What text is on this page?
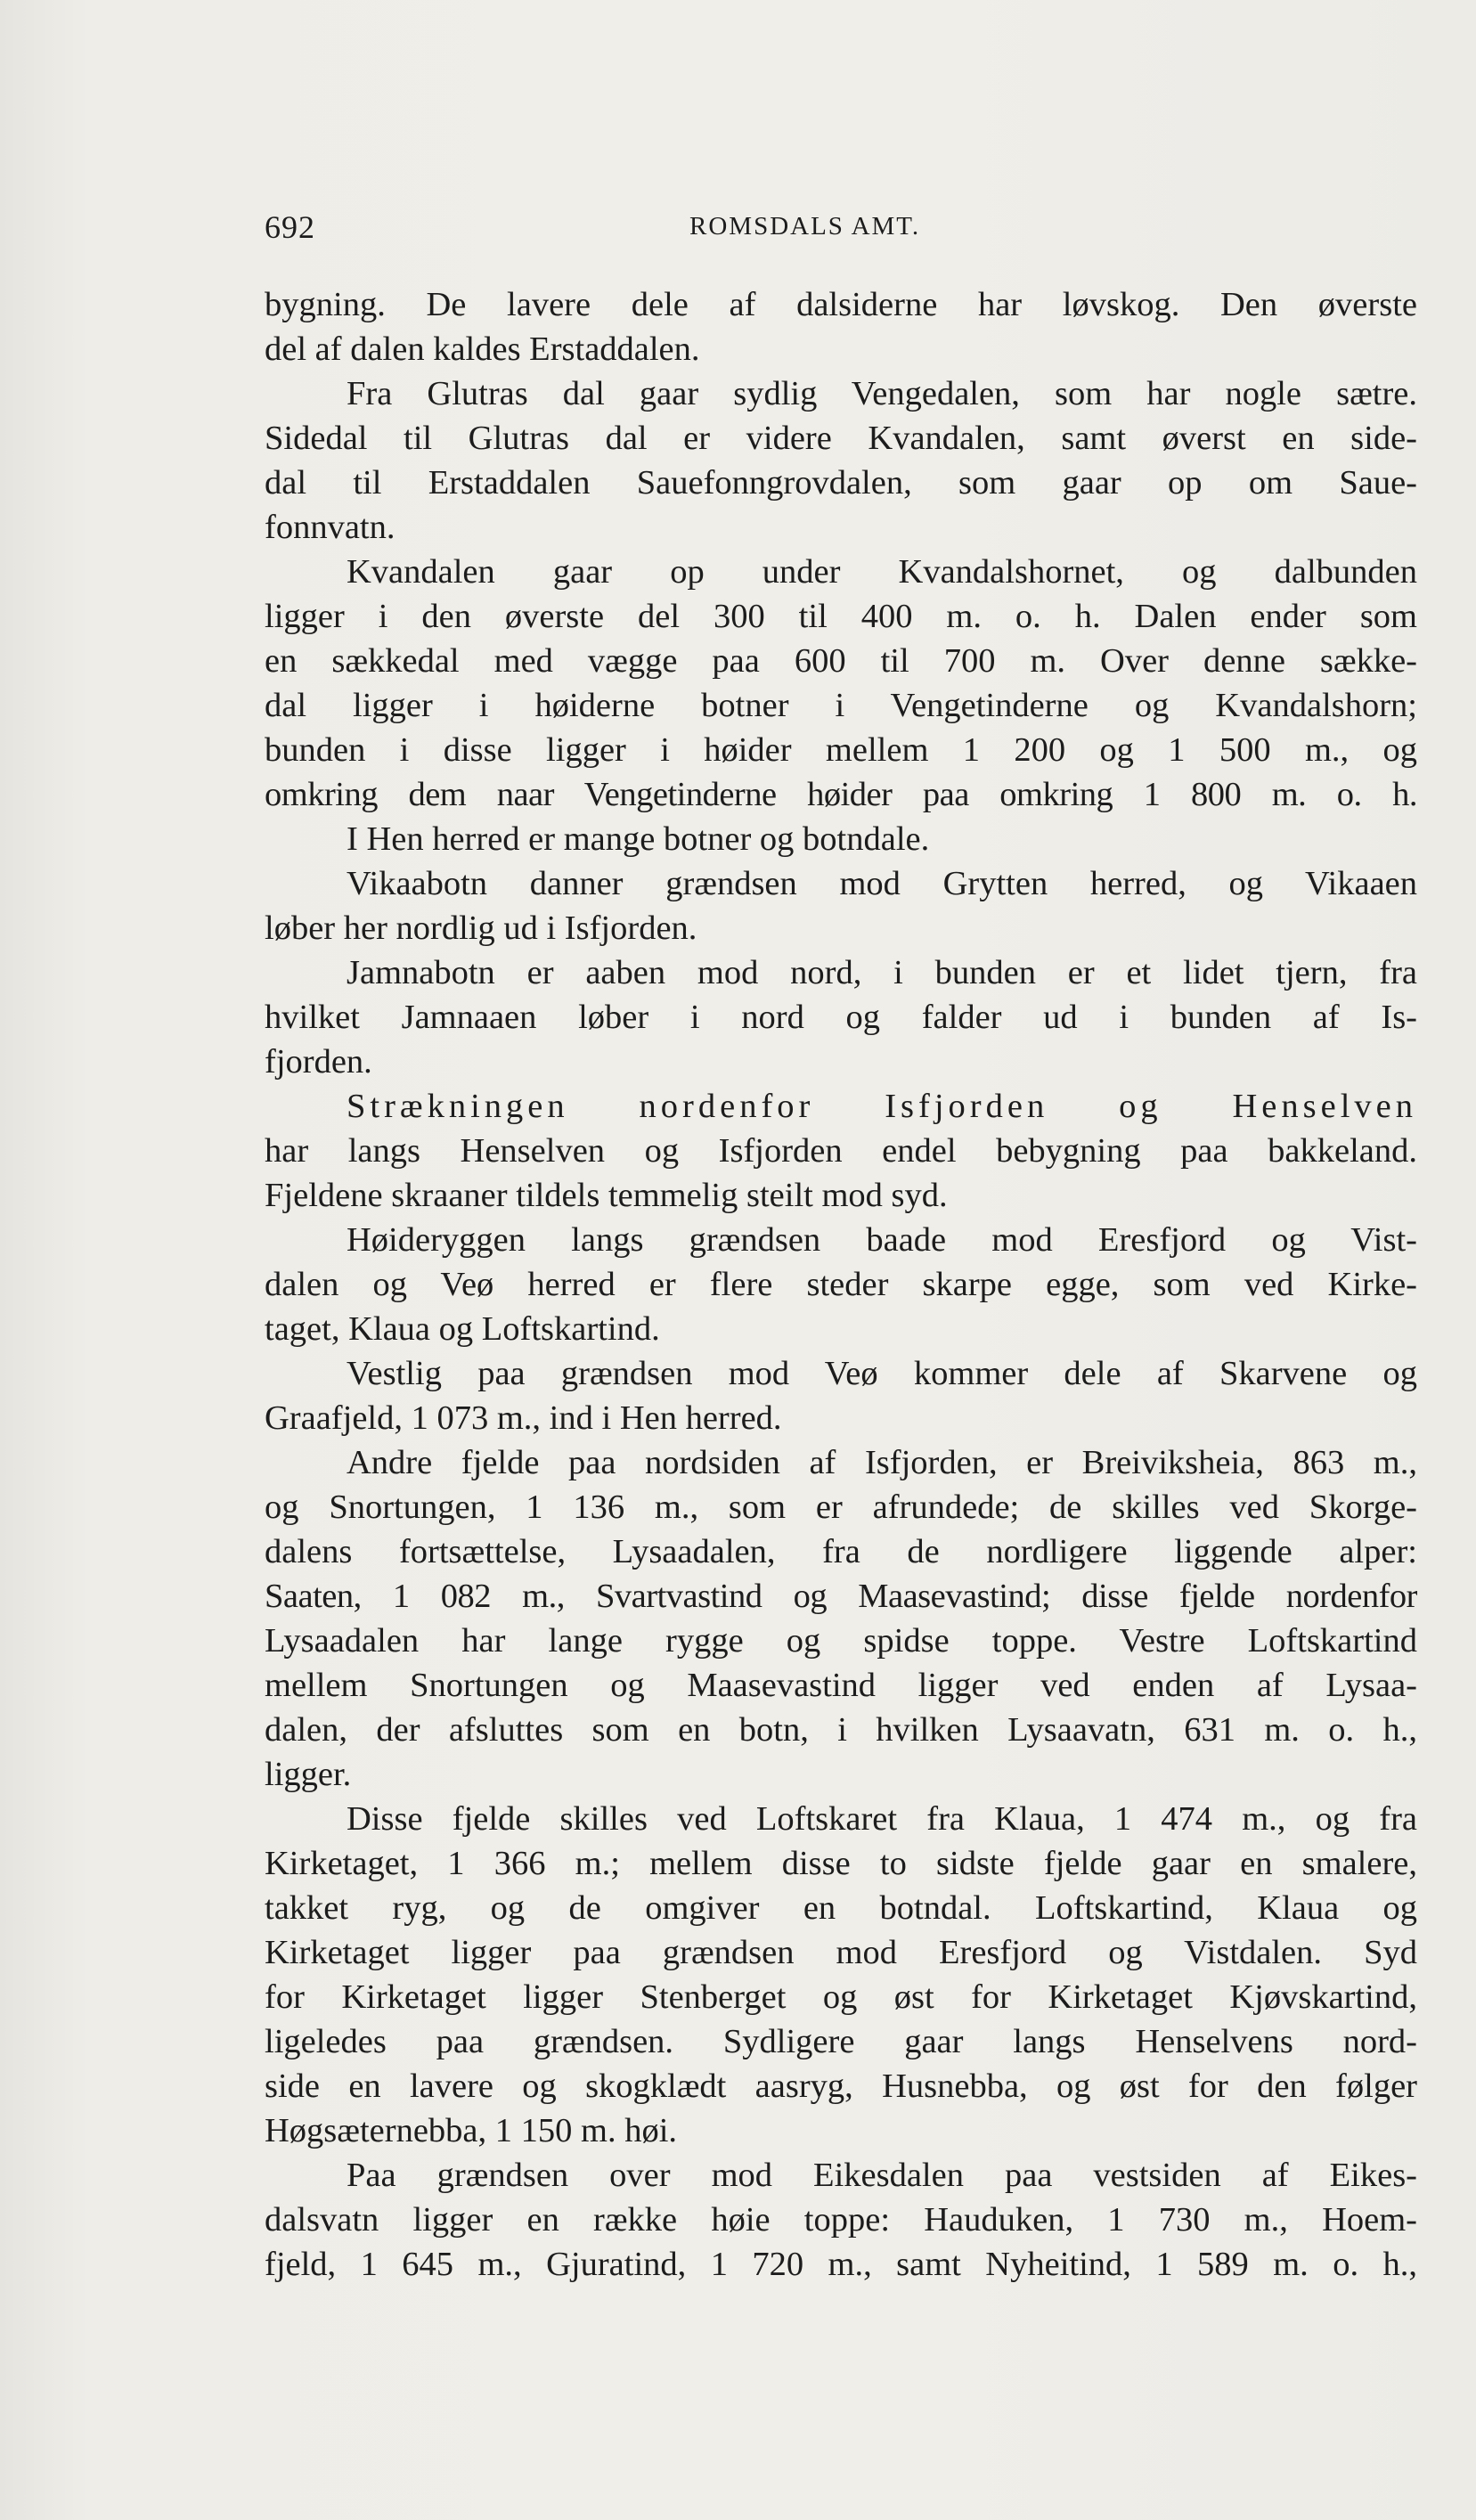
692	ROMSDALS AMT.
bygning. De lavere dele af dalsiderne har løvskog. Den øverste
del af dalen kaldes Erstaddalen.
Fra Glutras dal gaar sydlig Vengedalen, som har nogle sætre.
Sidedal til Glutras dal er videre Kvandalen, samt øverst en side-
dal til Erstaddalen Sauefonngrovdalen, som gaar op om Saue-
fonnvatn.
Kvandalen gaar op under Kvandalshornet, og dalbunden
ligger i den øverste del 300 til 400 m. o. h. Dalen ender som
en sækkedal med vægge paa 600 til 700 m. Over denne sække-
dal ligger i høiderne botner i Vengetinderne og Kvandalshorn;
bunden i disse ligger i høider mellem 1 200 og 1 500 m., og
omkring dem naar Vengetinderne høider paa omkring 1 800 m. o. h.
I Hen herred er mange botner og botndale.
Vikaabotn danner grændsen mod Grytten herred, og Vikaaen
løber her nordlig ud i Isfjorden.
Jamnabotn er aaben mod nord, i bunden er et lidet tjern, fra
hvilket Jamnaaen løber i nord og falder ud i bunden af Is-
fjorden.
Strækningen nordenfor Isfjorden og Henselven
har langs Henselven og Isfjorden endel bebygning paa bakkeland.
Fjeldene skraaner tildels temmelig steilt mod syd.
Høideryggen langs grændsen baade mod Eresfjord og Vist-
dalen og Veø herred er flere steder skarpe egge, som ved Kirke-
taget, Klaua og Loftskartind.
Vestlig paa grændsen mod Veø kommer dele af Skarvene og
Graafjeld, 1 073 m., ind i Hen herred.
Andre fjelde paa nordsiden af Isfjorden, er Breiviksheia, 863 m.,
og Snortungen, 1 136 m., som er afrundede; de skilles ved Skorge-
dalens fortsættelse, Lysaadalen, fra de nordligere liggende alper:
Saaten, 1 082 m., Svartvastind og Maasevastind; disse fjelde nordenfor
Lysaadalen har lange rygge og spidse toppe. Vestre Loftskartind
mellem Snortungen og Maasevastind ligger ved enden af Lysaa-
dalen, der afsluttes som en botn, i hvilken Lysaavatn, 631 m. o. h.,
ligger.
Disse fjelde skilles ved Loftskaret fra Klaua, 1 474 m., og fra
Kirketaget, 1 366 m.; mellem disse to sidste fjelde gaar en smalere,
takket ryg, og de omgiver en botndal. Loftskartind, Klaua og
Kirketaget ligger paa grændsen mod Eresfjord og Vistdalen. Syd
for Kirketaget ligger Stenberget og øst for Kirketaget Kjøvskartind,
ligeledes paa grændsen. Sydligere gaar langs Henselvens nord-
side en lavere og skogklædt aasryg, Husnebba, og øst for den følger
Høgsæternebba, 1 150 m. høi.
Paa grændsen over mod Eikesdalen paa vestsiden af Eikes-
dalsvatn ligger en række høie toppe: Hauduken, 1 730 m., Hoem-
fjeld, 1 645 m., Gjuratind, 1 720 m., samt Nyheitind, 1 589 m. o. h.,
